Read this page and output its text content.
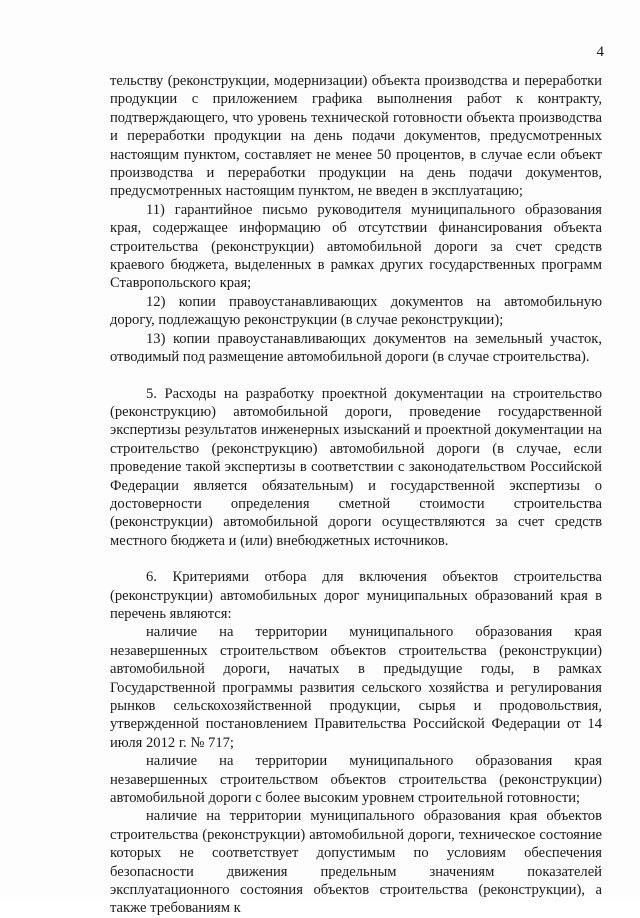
4

тельству (реконструкции, модернизации) объекта производства и переработки продукции с приложением графика выполнения работ к контракту, подтверждающего, что уровень технической готовности объекта производства и переработки продукции на день подачи документов, предусмотренных настоящим пунктом, составляет не менее 50 процентов, в случае если объект производства и переработки продукции на день подачи документов, предусмотренных настоящим пунктом, не введен в эксплуатацию;

11) гарантийное письмо руководителя муниципального образования края, содержащее информацию об отсутствии финансирования объекта строительства (реконструкции) автомобильной дороги за счет средств краевого бюджета, выделенных в рамках других государственных программ Ставропольского края;

12) копии правоустанавливающих документов на автомобильную дорогу, подлежащую реконструкции (в случае реконструкции);

13) копии правоустанавливающих документов на земельный участок, отводимый под размещение автомобильной дороги (в случае строительства).

5. Расходы на разработку проектной документации на строительство (реконструкцию) автомобильной дороги, проведение государственной экспертизы результатов инженерных изысканий и проектной документации на строительство (реконструкцию) автомобильной дороги (в случае, если проведение такой экспертизы в соответствии с законодательством Российской Федерации является обязательным) и государственной экспертизы о достоверности определения сметной стоимости строительства (реконструкции) автомобильной дороги осуществляются за счет средств местного бюджета и (или) внебюджетных источников.

6. Критериями отбора для включения объектов строительства (реконструкции) автомобильных дорог муниципальных образований края в перечень являются:

наличие на территории муниципального образования края незавершенных строительством объектов строительства (реконструкции) автомобильной дороги, начатых в предыдущие годы, в рамках Государственной программы развития сельского хозяйства и регулирования рынков сельскохозяйственной продукции, сырья и продовольствия, утвержденной постановлением Правительства Российской Федерации от 14 июля 2012 г. № 717;

наличие на территории муниципального образования края незавершенных строительством объектов строительства (реконструкции) автомобильной дороги с более высоким уровнем строительной готовности;

наличие на территории муниципального образования края объектов строительства (реконструкции) автомобильной дороги, техническое состояние которых не соответствует допустимым по условиям обеспечения безопасности движения предельным значениям показателей эксплуатационного состояния объектов строительства (реконструкции), а также требованиям к
